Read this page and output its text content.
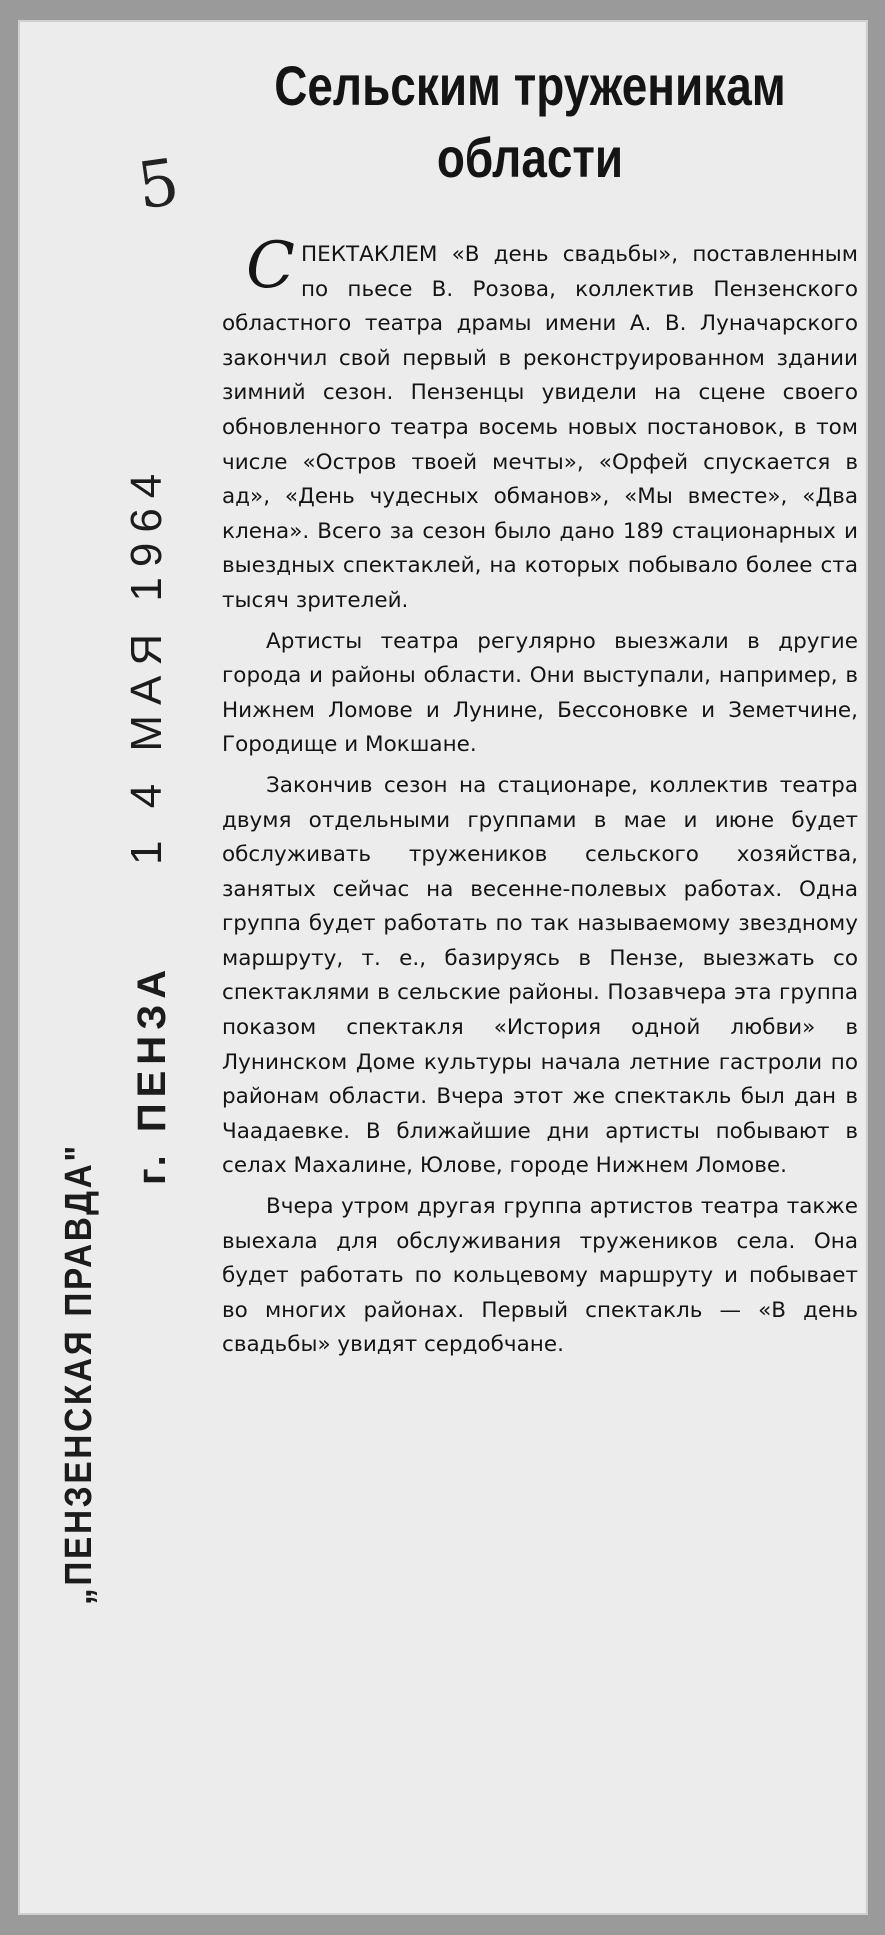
„ПЕНЗЕНСКАЯ ПРАВДА"
г. ПЕНЗА
1 4 МАЯ 1964
5
Сельским труженикам
области

СПЕКТАКЛЕМ «В день свадьбы», поставленным по пьесе В. Розова, коллектив Пензенского областного театра драмы имени А. В. Луначарского закончил свой первый в реконструированном здании зимний сезон. Пензенцы увидели на сцене своего обновленного театра восемь новых постановок, в том числе «Остров твоей мечты», «Орфей спускается в ад», «День чудесных обманов», «Мы вместе», «Два клена». Всего за сезон было дано 189 стационарных и выездных спектаклей, на которых побывало более ста тысяч зрителей.

Артисты театра регулярно выезжали в другие города и районы области. Они выступали, например, в Нижнем Ломове и Лунине, Бессоновке и Земетчине, Городище и Мокшане.

Закончив сезон на стационаре, коллектив театра двумя отдельными группами в мае и июне будет обслуживать тружеников сельского хозяйства, занятых сейчас на весенне-полевых работах. Одна группа будет работать по так называемому звездному маршруту, т. е., базируясь в Пензе, выезжать со спектаклями в сельские районы. Позавчера эта группа показом спектакля «История одной любви» в Лунинском Доме культуры начала летние гастроли по районам области. Вчера этот же спектакль был дан в Чаадаевке. В ближайшие дни артисты побывают в селах Махалине, Юлове, городе Нижнем Ломове.

Вчера утром другая группа артистов театра также выехала для обслуживания тружеников села. Она будет работать по кольцевому маршруту и побывает во многих районах. Первый спектакль — «В день свадьбы» увидят сердобчане.
